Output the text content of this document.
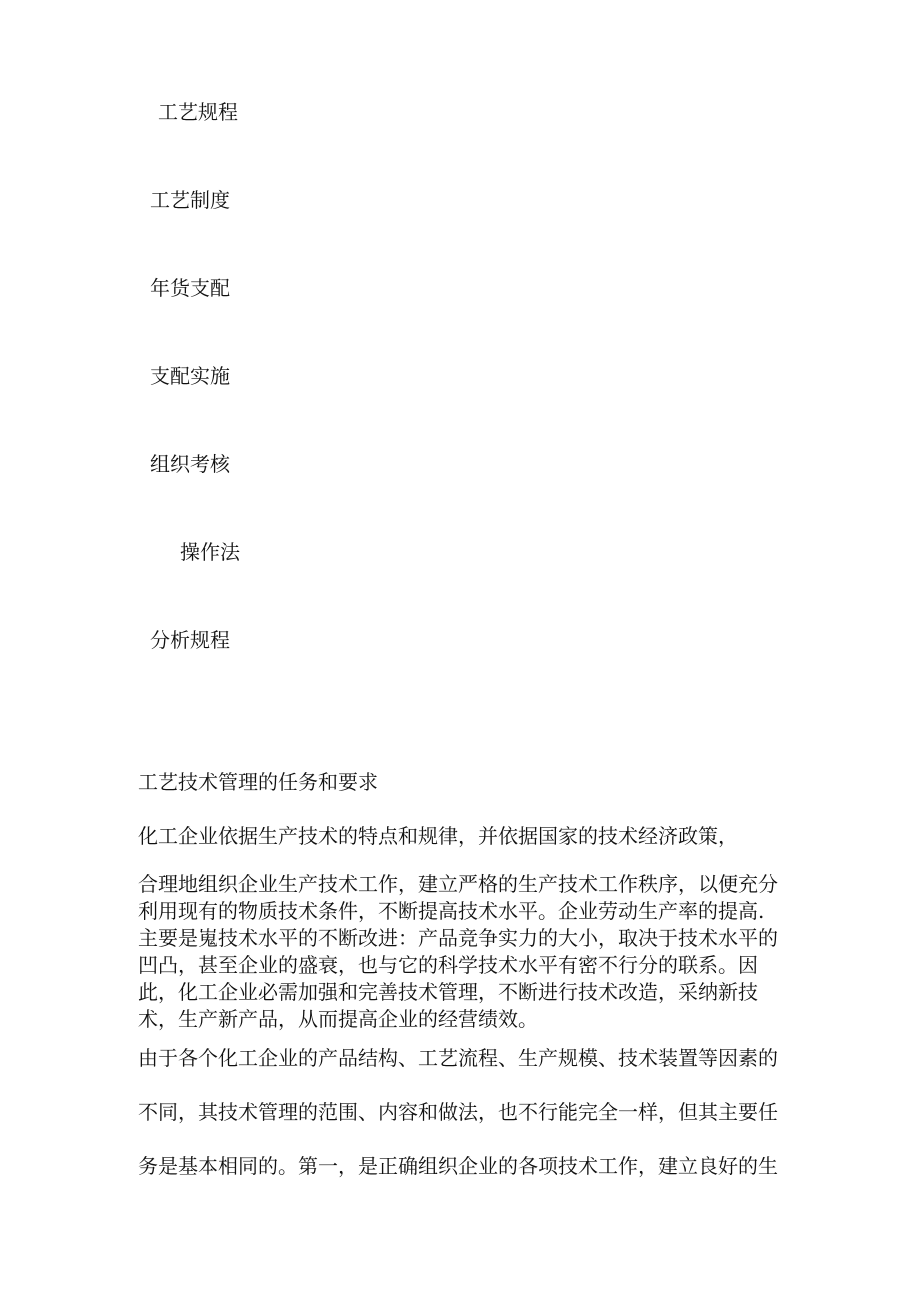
工艺规程
工艺制度
年货支配
支配实施
组织考核
操作法
分析规程
工艺技术管理的任务和要求
化工企业依据生产技术的特点和规律，并依据国家的技术经济政策，
合理地组织企业生产技术工作，建立严格的生产技术工作秩序，以便充分
利用现有的物质技术条件，不断提高技术水平。企业劳动生产率的提高.
主要是嵬技术水平的不断改进：产品竞争实力的大小，取决于技术水平的
凹凸，甚至企业的盛衰，也与它的科学技术水平有密不行分的联系。因
此，化工企业必需加强和完善技术管理，不断进行技术改造，采纳新技
术，生产新产品，从而提高企业的经营绩效。
由于各个化工企业的产品结构、工艺流程、生产规模、技术装置等因素的
不同，其技术管理的范围、内容和做法，也不行能完全一样，但其主要任
务是基本相同的。第一，是正确组织企业的各项技术工作，建立良好的生
